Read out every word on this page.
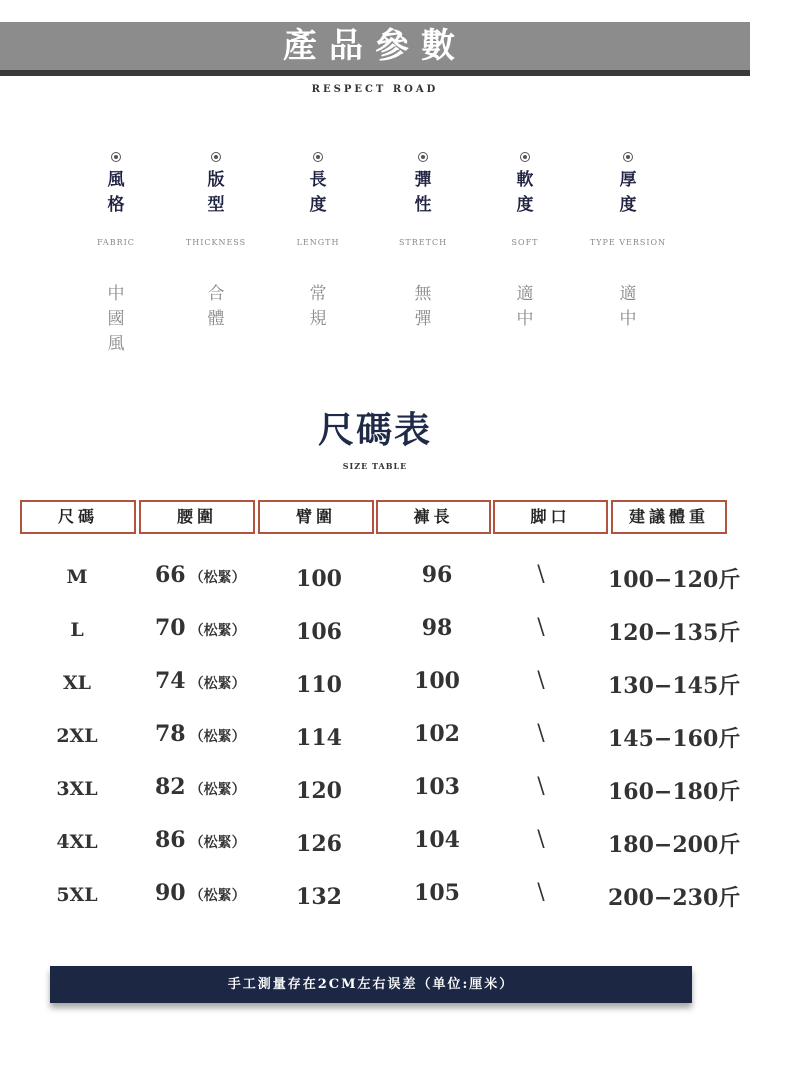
產品參數
RESPECT ROAD
風格
版型
長度
彈性
軟度
厚度
FABRIC	THICKNESS	LENGTH	STRETCH	SOFT	TYPE VERSION
中國風
合體
常規
無彈
適中
適中
尺碼表
SIZE TABLE
尺碼	腰圍	臂圍	褲長	脚口	建議體重
M	66 （松緊）	100	96	\	100−120斤
L	70 （松緊）	106	98	\	120−135斤
XL	74 （松緊）	110	100	\	130−145斤
2XL	78 （松緊）	114	102	\	145−160斤
3XL	82 （松緊）	120	103	\	160−180斤
4XL	86 （松緊）	126	104	\	180−200斤
5XL	90 （松緊）	132	105	\	200−230斤
手工測量存在2CM左右误差（单位:厘米）
